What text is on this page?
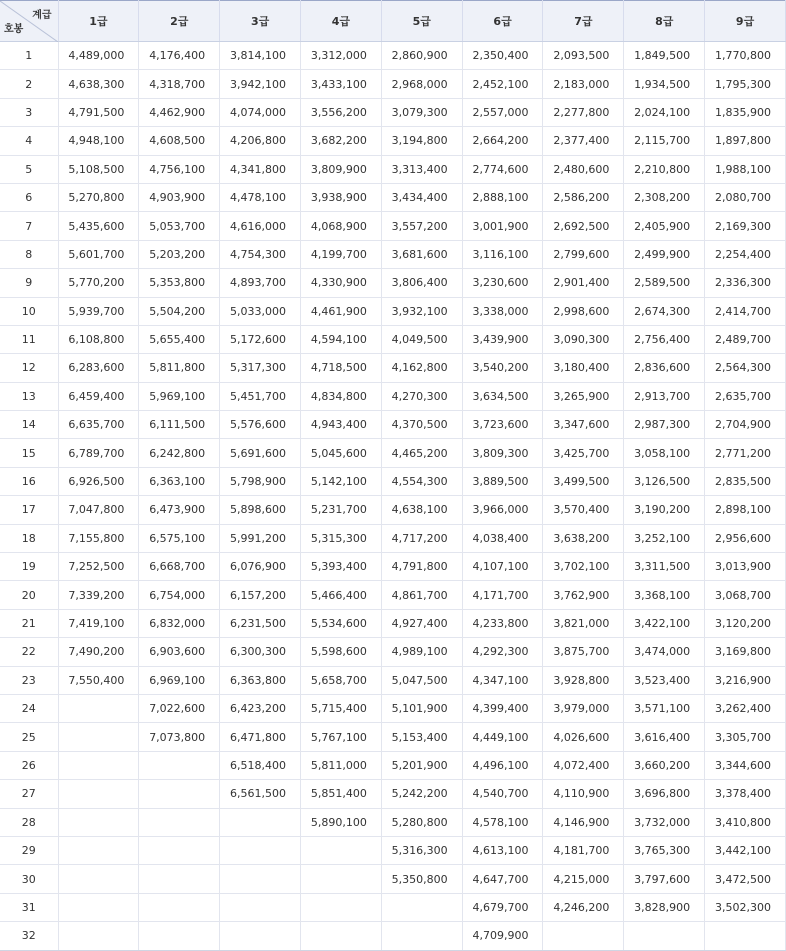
계급
호봉	1급	2급	3급	4급	5급	6급	7급	8급	9급
1	4,489,000	4,176,400	3,814,100	3,312,000	2,860,900	2,350,400	2,093,500	1,849,500	1,770,800
2	4,638,300	4,318,700	3,942,100	3,433,100	2,968,000	2,452,100	2,183,000	1,934,500	1,795,300
3	4,791,500	4,462,900	4,074,000	3,556,200	3,079,300	2,557,000	2,277,800	2,024,100	1,835,900
4	4,948,100	4,608,500	4,206,800	3,682,200	3,194,800	2,664,200	2,377,400	2,115,700	1,897,800
5	5,108,500	4,756,100	4,341,800	3,809,900	3,313,400	2,774,600	2,480,600	2,210,800	1,988,100
6	5,270,800	4,903,900	4,478,100	3,938,900	3,434,400	2,888,100	2,586,200	2,308,200	2,080,700
7	5,435,600	5,053,700	4,616,000	4,068,900	3,557,200	3,001,900	2,692,500	2,405,900	2,169,300
8	5,601,700	5,203,200	4,754,300	4,199,700	3,681,600	3,116,100	2,799,600	2,499,900	2,254,400
9	5,770,200	5,353,800	4,893,700	4,330,900	3,806,400	3,230,600	2,901,400	2,589,500	2,336,300
10	5,939,700	5,504,200	5,033,000	4,461,900	3,932,100	3,338,000	2,998,600	2,674,300	2,414,700
11	6,108,800	5,655,400	5,172,600	4,594,100	4,049,500	3,439,900	3,090,300	2,756,400	2,489,700
12	6,283,600	5,811,800	5,317,300	4,718,500	4,162,800	3,540,200	3,180,400	2,836,600	2,564,300
13	6,459,400	5,969,100	5,451,700	4,834,800	4,270,300	3,634,500	3,265,900	2,913,700	2,635,700
14	6,635,700	6,111,500	5,576,600	4,943,400	4,370,500	3,723,600	3,347,600	2,987,300	2,704,900
15	6,789,700	6,242,800	5,691,600	5,045,600	4,465,200	3,809,300	3,425,700	3,058,100	2,771,200
16	6,926,500	6,363,100	5,798,900	5,142,100	4,554,300	3,889,500	3,499,500	3,126,500	2,835,500
17	7,047,800	6,473,900	5,898,600	5,231,700	4,638,100	3,966,000	3,570,400	3,190,200	2,898,100
18	7,155,800	6,575,100	5,991,200	5,315,300	4,717,200	4,038,400	3,638,200	3,252,100	2,956,600
19	7,252,500	6,668,700	6,076,900	5,393,400	4,791,800	4,107,100	3,702,100	3,311,500	3,013,900
20	7,339,200	6,754,000	6,157,200	5,466,400	4,861,700	4,171,700	3,762,900	3,368,100	3,068,700
21	7,419,100	6,832,000	6,231,500	5,534,600	4,927,400	4,233,800	3,821,000	3,422,100	3,120,200
22	7,490,200	6,903,600	6,300,300	5,598,600	4,989,100	4,292,300	3,875,700	3,474,000	3,169,800
23	7,550,400	6,969,100	6,363,800	5,658,700	5,047,500	4,347,100	3,928,800	3,523,400	3,216,900
24		7,022,600	6,423,200	5,715,400	5,101,900	4,399,400	3,979,000	3,571,100	3,262,400
25		7,073,800	6,471,800	5,767,100	5,153,400	4,449,100	4,026,600	3,616,400	3,305,700
26			6,518,400	5,811,000	5,201,900	4,496,100	4,072,400	3,660,200	3,344,600
27			6,561,500	5,851,400	5,242,200	4,540,700	4,110,900	3,696,800	3,378,400
28				5,890,100	5,280,800	4,578,100	4,146,900	3,732,000	3,410,800
29					5,316,300	4,613,100	4,181,700	3,765,300	3,442,100
30					5,350,800	4,647,700	4,215,000	3,797,600	3,472,500
31						4,679,700	4,246,200	3,828,900	3,502,300
32						4,709,900			
